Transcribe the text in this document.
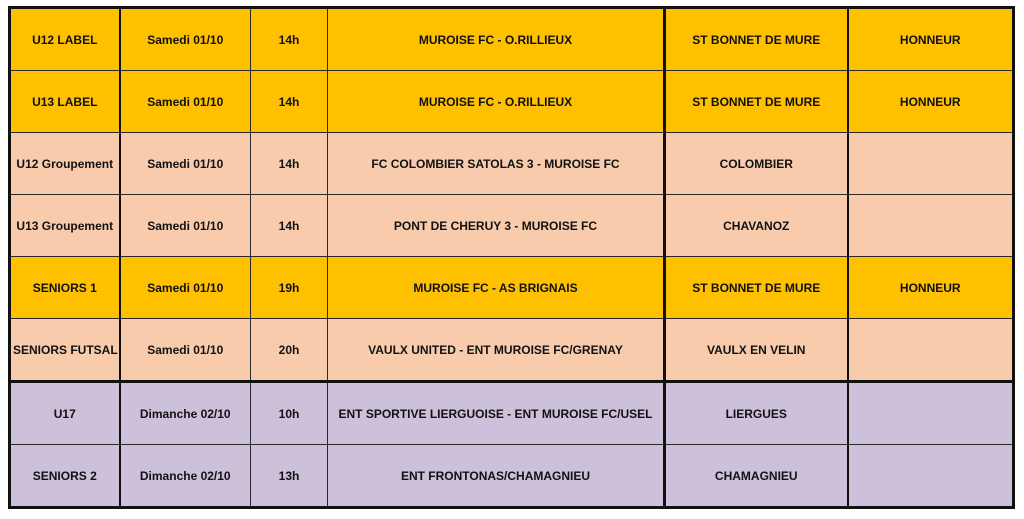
U12 LABEL	Samedi 01/10	14h	MUROISE FC - O.RILLIEUX	ST BONNET DE MURE	HONNEUR
U13 LABEL	Samedi 01/10	14h	MUROISE FC - O.RILLIEUX	ST BONNET DE MURE	HONNEUR
U12 Groupement	Samedi 01/10	14h	FC COLOMBIER SATOLAS 3 - MUROISE FC	COLOMBIER	
U13 Groupement	Samedi 01/10	14h	PONT DE CHERUY 3 - MUROISE FC	CHAVANOZ	
SENIORS 1	Samedi 01/10	19h	MUROISE FC - AS BRIGNAIS	ST BONNET DE MURE	HONNEUR
SENIORS FUTSAL	Samedi 01/10	20h	VAULX UNITED - ENT MUROISE FC/GRENAY	VAULX EN VELIN	
U17	Dimanche 02/10	10h	ENT SPORTIVE LIERGUOISE - ENT MUROISE FC/USEL	LIERGUES	
SENIORS 2	Dimanche 02/10	13h	ENT FRONTONAS/CHAMAGNIEU	CHAMAGNIEU	
